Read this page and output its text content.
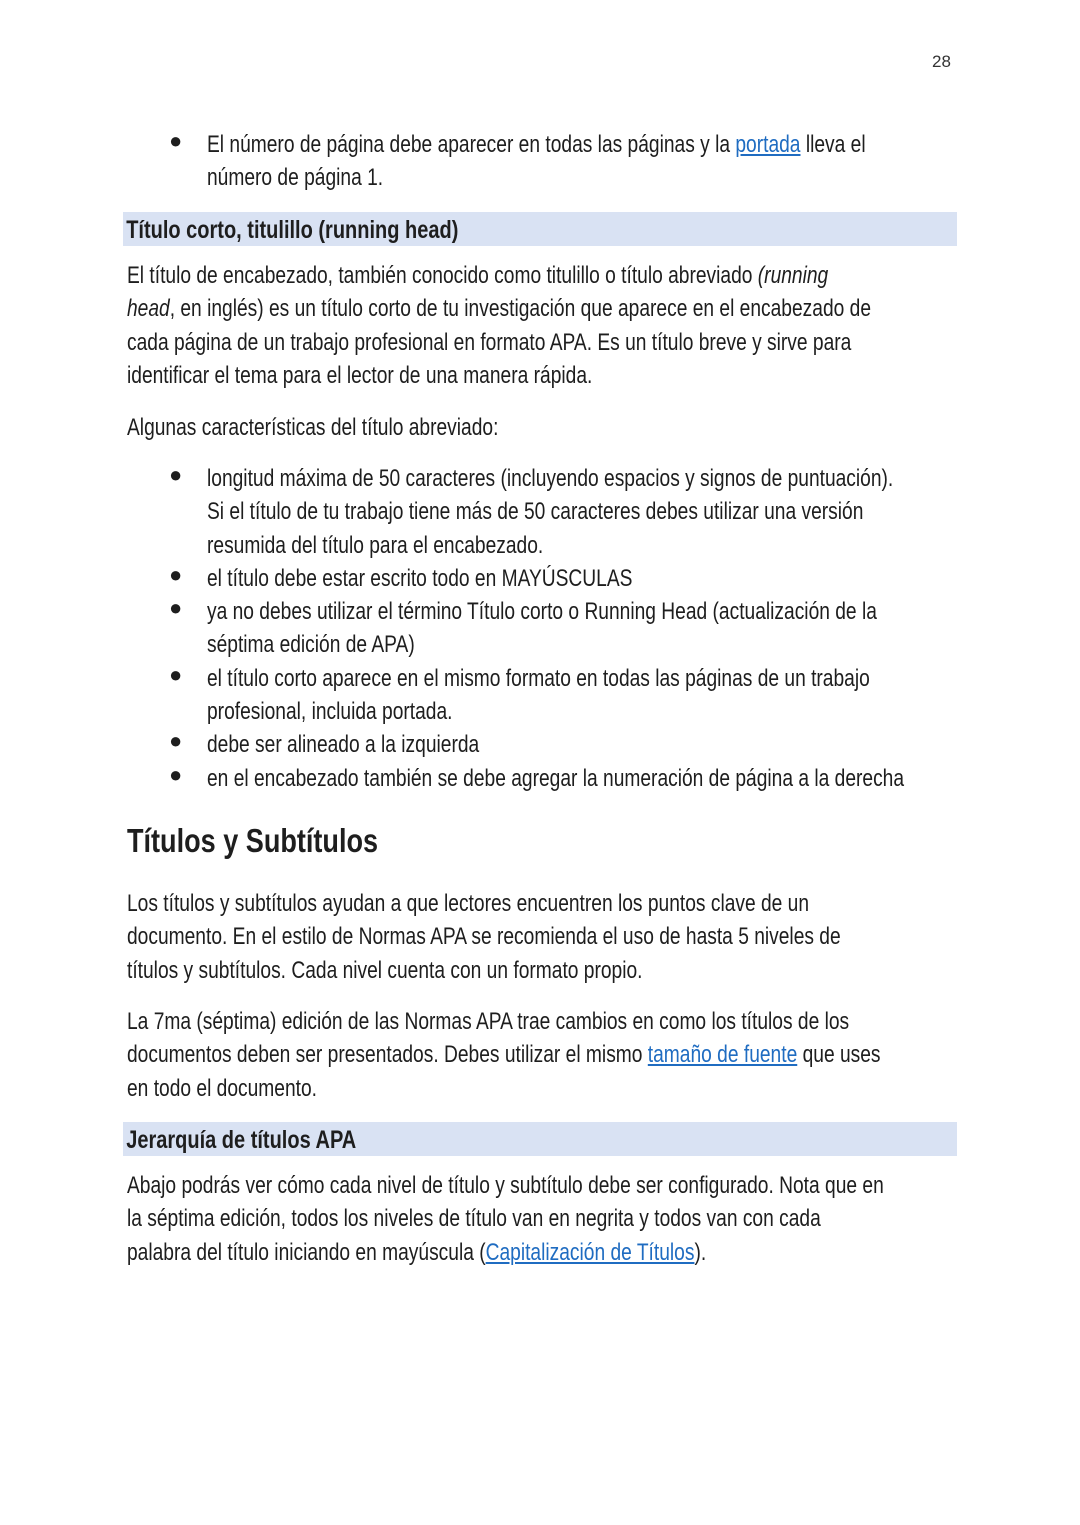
28
● El número de página debe aparecer en todas las páginas y la portada lleva el
número de página 1.
Título corto, titulillo (running head)
El título de encabezado, también conocido como titulillo o título abreviado (running
head, en inglés) es un título corto de tu investigación que aparece en el encabezado de
cada página de un trabajo profesional en formato APA. Es un título breve y sirve para
identificar el tema para el lector de una manera rápida.
Algunas características del título abreviado:
● longitud máxima de 50 caracteres (incluyendo espacios y signos de puntuación).
Si el título de tu trabajo tiene más de 50 caracteres debes utilizar una versión
resumida del título para el encabezado.
● el título debe estar escrito todo en MAYÚSCULAS
● ya no debes utilizar el término Título corto o Running Head (actualización de la
séptima edición de APA)
● el título corto aparece en el mismo formato en todas las páginas de un trabajo
profesional, incluida portada.
● debe ser alineado a la izquierda
● en el encabezado también se debe agregar la numeración de página a la derecha
Títulos y Subtítulos
Los títulos y subtítulos ayudan a que lectores encuentren los puntos clave de un
documento. En el estilo de Normas APA se recomienda el uso de hasta 5 niveles de
títulos y subtítulos. Cada nivel cuenta con un formato propio.
La 7ma (séptima) edición de las Normas APA trae cambios en como los títulos de los
documentos deben ser presentados. Debes utilizar el mismo tamaño de fuente que uses
en todo el documento.
Jerarquía de títulos APA
Abajo podrás ver cómo cada nivel de título y subtítulo debe ser configurado. Nota que en
la séptima edición, todos los niveles de título van en negrita y todos van con cada
palabra del título iniciando en mayúscula (Capitalización de Títulos).
